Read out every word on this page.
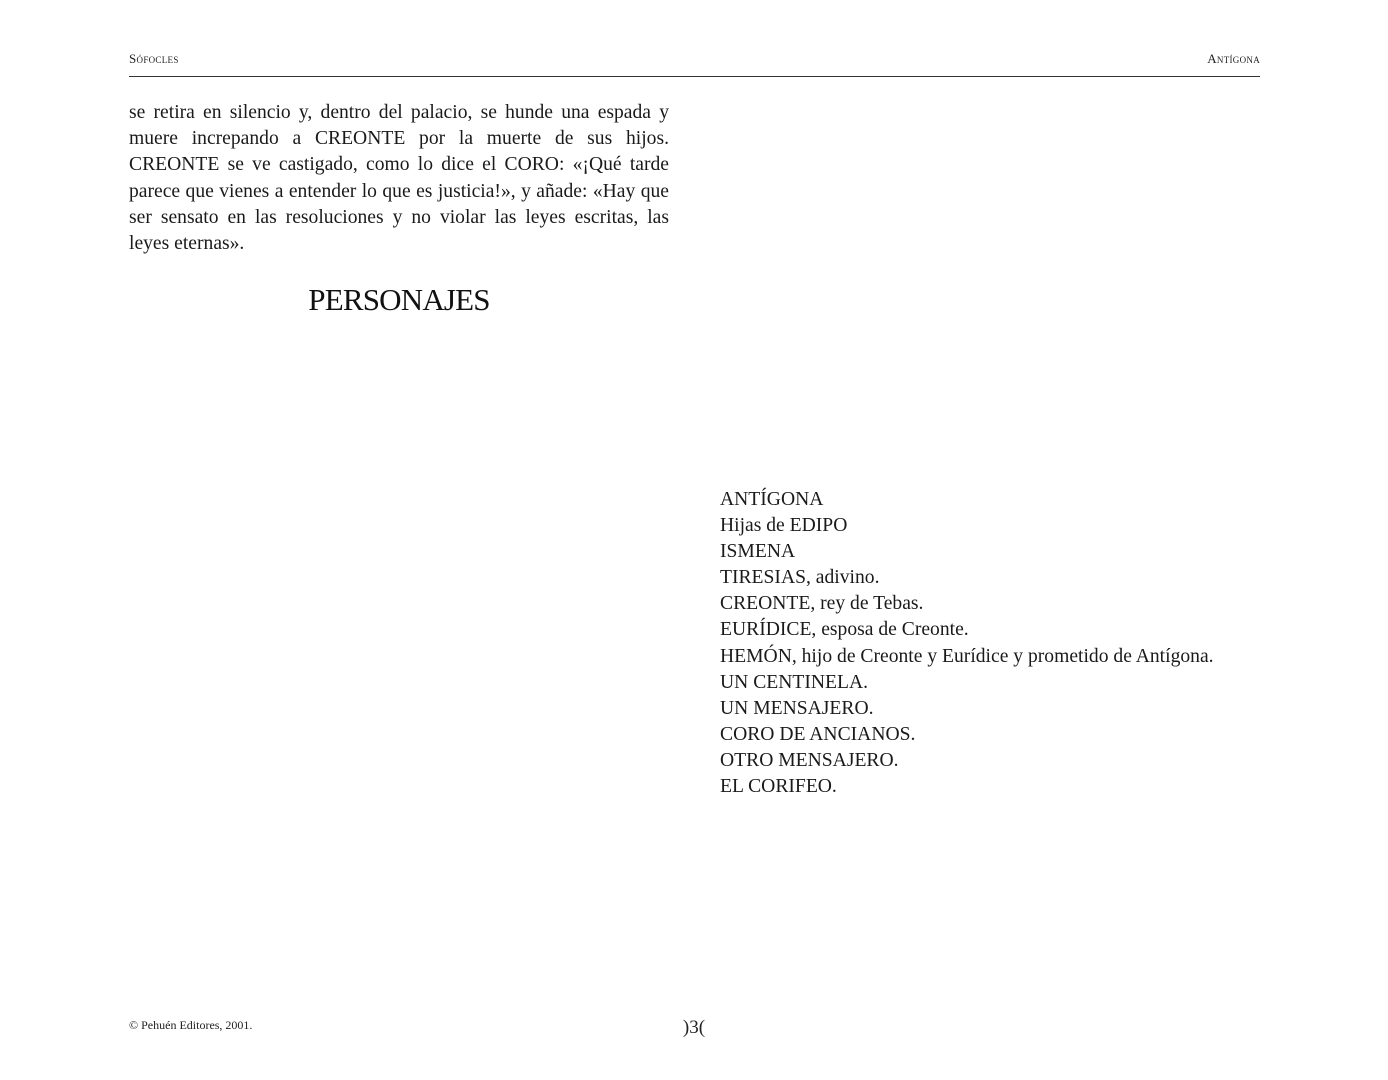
Sófocles	Antígona

se retira en silencio y, dentro del palacio, se hunde una espada y muere increpando a CREONTE por la muerte de sus hijos. CREONTE se ve castigado, como lo dice el CORO: «¡Qué tarde parece que vienes a entender lo que es justicia!», y añade: «Hay que ser sensato en las resoluciones y no violar las leyes escritas, las leyes eternas».

PERSONAJES
ANTÍGONA
Hijas de EDIPO
ISMENA
TIRESIAS, adivino.
CREONTE, rey de Tebas.
EURÍDICE, esposa de Creonte.
HEMÓN, hijo de Creonte y Eurídice y prometido de Antígona.
UN CENTINELA.
UN MENSAJERO.
CORO DE ANCIANOS.
OTRO MENSAJERO.
EL CORIFEO.
© Pehuén Editores, 2001.	)3(
